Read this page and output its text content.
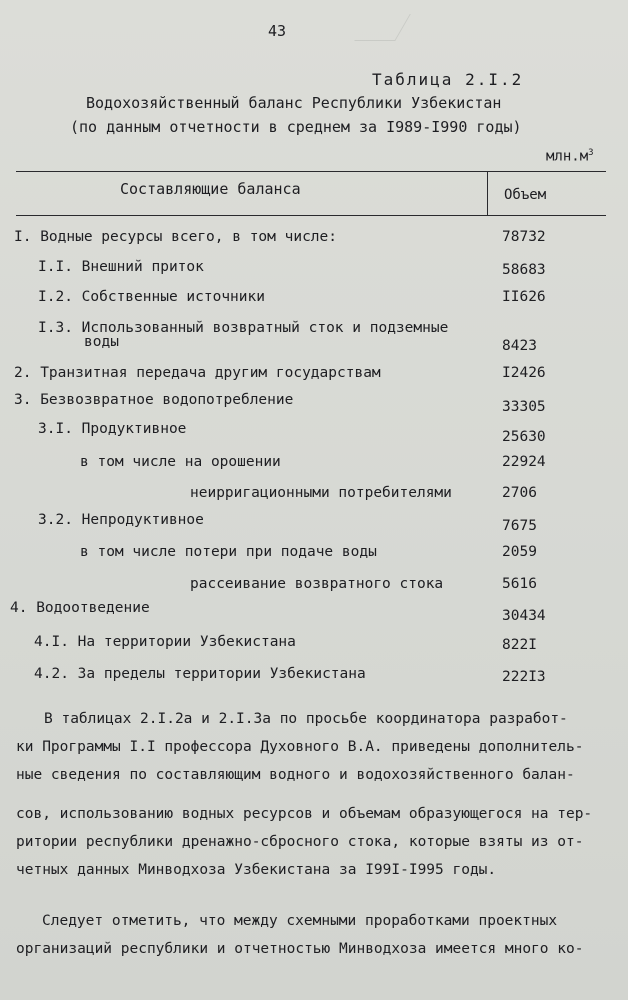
43
Таблица 2.I.2
Водохозяйственный баланс Республики Узбекистан
(по данным отчетности в среднем за I989-I990 годы)
$млн.м^3$
Составляющие баланса	Объем
I. Водные ресурсы всего, в том числе:	78732
I.I. Внешний приток	58683
I.2. Собственные источники	II626
I.3. Использованный возвратный сток и подземные
воды	8423
2. Транзитная передача другим государствам	I2426
3. Безвозвратное водопотребление	33305
3.I. Продуктивное	25630
в том числе на орошении	22924
неирригационными потребителями	2706
3.2. Непродуктивное	7675
в том числе потери при подаче воды	2059
рассеивание возвратного стока	5616
4. Водоотведение	30434
4.I. На территории Узбекистана	822I
4.2. За пределы территории Узбекистана	222I3
В таблицах 2.I.2а и 2.I.3а по просьбе координатора разработ-
ки Программы I.I профессора Духовного В.А. приведены дополнитель-
ные сведения по составляющим водного и водохозяйственного балан-
сов, использованию водных ресурсов и объемам образующегося на тер-
ритории республики дренажно-сбросного стока, которые взяты из от-
четных данных Минводхоза Узбекистана за I99I-I995 годы.
Следует отметить, что между схемными проработками проектных
организаций республики и отчетностью Минводхоза имеется много ко-
